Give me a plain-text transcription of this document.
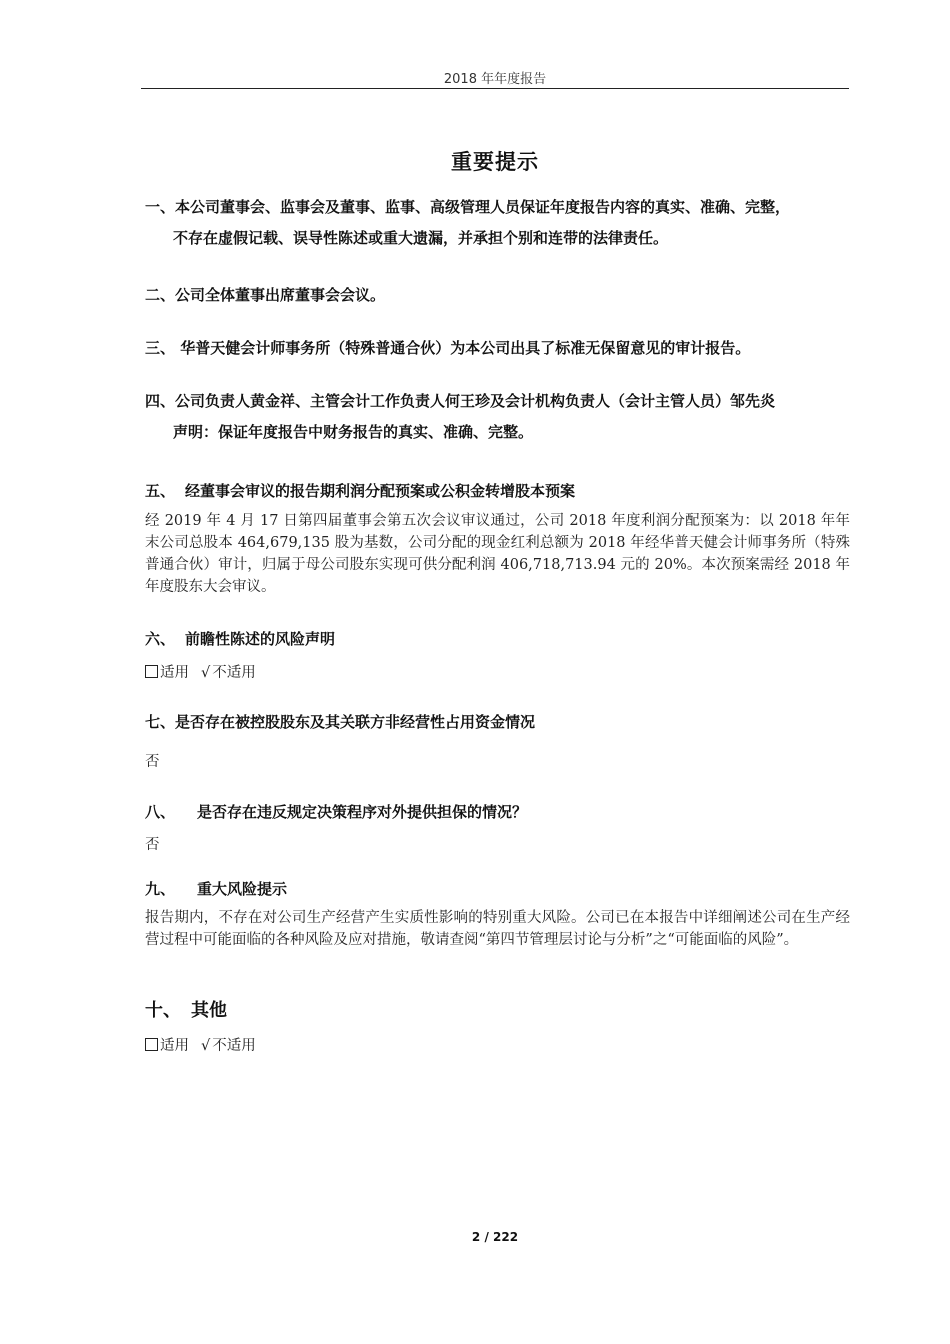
2018 年年度报告
重要提示
一、本公司董事会、监事会及董事、监事、高级管理人员保证年度报告内容的真实、准确、完整，
不存在虚假记载、误导性陈述或重大遗漏，并承担个别和连带的法律责任。
二、公司全体董事出席董事会会议。
三、 华普天健会计师事务所（特殊普通合伙）为本公司出具了标准无保留意见的审计报告。
四、公司负责人黄金祥、主管会计工作负责人何王珍及会计机构负责人（会计主管人员）邹先炎
声明：保证年度报告中财务报告的真实、准确、完整。
五、 经董事会审议的报告期利润分配预案或公积金转增股本预案
经 2019 年 4 月 17 日第四届董事会第五次会议审议通过，公司 2018 年度利润分配预案为：以 2018 年年末公司总股本 464,679,135 股为基数，公司分配的现金红利总额为 2018 年经华普天健会计师事务所（特殊普通合伙）审计，归属于母公司股东实现可供分配利润 406,718,713.94 元的 20%。本次预案需经 2018 年年度股东大会审议。
六、 前瞻性陈述的风险声明
适用 √ 不适用
七、是否存在被控股股东及其关联方非经营性占用资金情况
否
八、 是否存在违反规定决策程序对外提供担保的情况？
否
九、 重大风险提示
报告期内，不存在对公司生产经营产生实质性影响的特别重大风险。公司已在本报告中详细阐述公司在生产经营过程中可能面临的各种风险及应对措施，敬请查阅“第四节管理层讨论与分析”之“可能面临的风险”。
十、 其他
适用 √ 不适用
2 / 222
